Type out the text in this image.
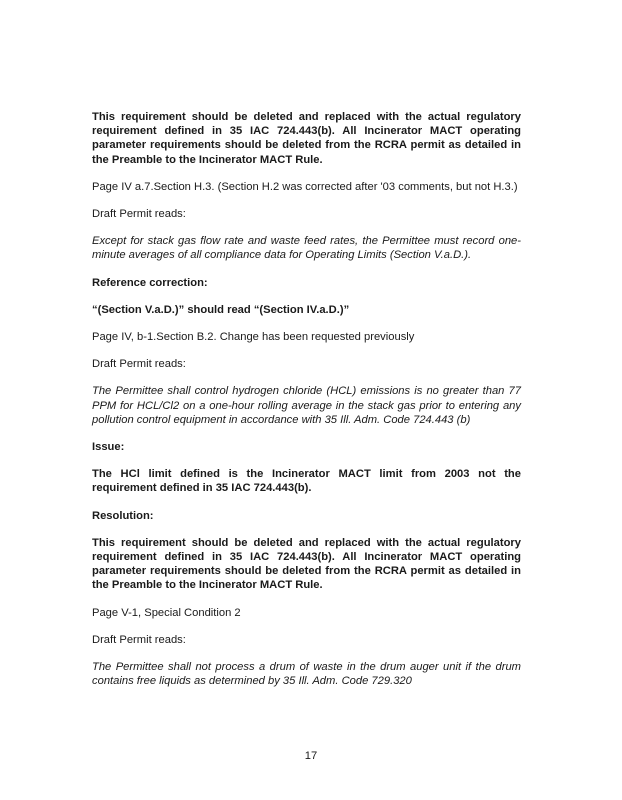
This requirement should be deleted and replaced with the actual regulatory requirement defined in 35 IAC 724.443(b). All Incinerator MACT operating parameter requirements should be deleted from the RCRA permit as detailed in the Preamble to the Incinerator MACT Rule.

Page IV a.7.Section H.3. (Section H.2 was corrected after '03 comments, but not H.3.)

Draft Permit reads:

Except for stack gas flow rate and waste feed rates, the Permittee must record one-minute averages of all compliance data for Operating Limits (Section V.a.D.).

Reference correction:

“(Section V.a.D.)” should read “(Section IV.a.D.)”

Page IV, b-1.Section B.2. Change has been requested previously

Draft Permit reads:

The Permittee shall control hydrogen chloride (HCL) emissions is no greater than 77 PPM for HCL/Cl2 on a one-hour rolling average in the stack gas prior to entering any pollution control equipment in accordance with 35 Ill. Adm. Code 724.443 (b)

Issue:

The HCl limit defined is the Incinerator MACT limit from 2003 not the requirement defined in 35 IAC 724.443(b).

Resolution:

This requirement should be deleted and replaced with the actual regulatory requirement defined in 35 IAC 724.443(b). All Incinerator MACT operating parameter requirements should be deleted from the RCRA permit as detailed in the Preamble to the Incinerator MACT Rule.

Page V-1, Special Condition 2

Draft Permit reads:

The Permittee shall not process a drum of waste in the drum auger unit if the drum contains free liquids as determined by 35 Ill. Adm. Code 729.320

17
